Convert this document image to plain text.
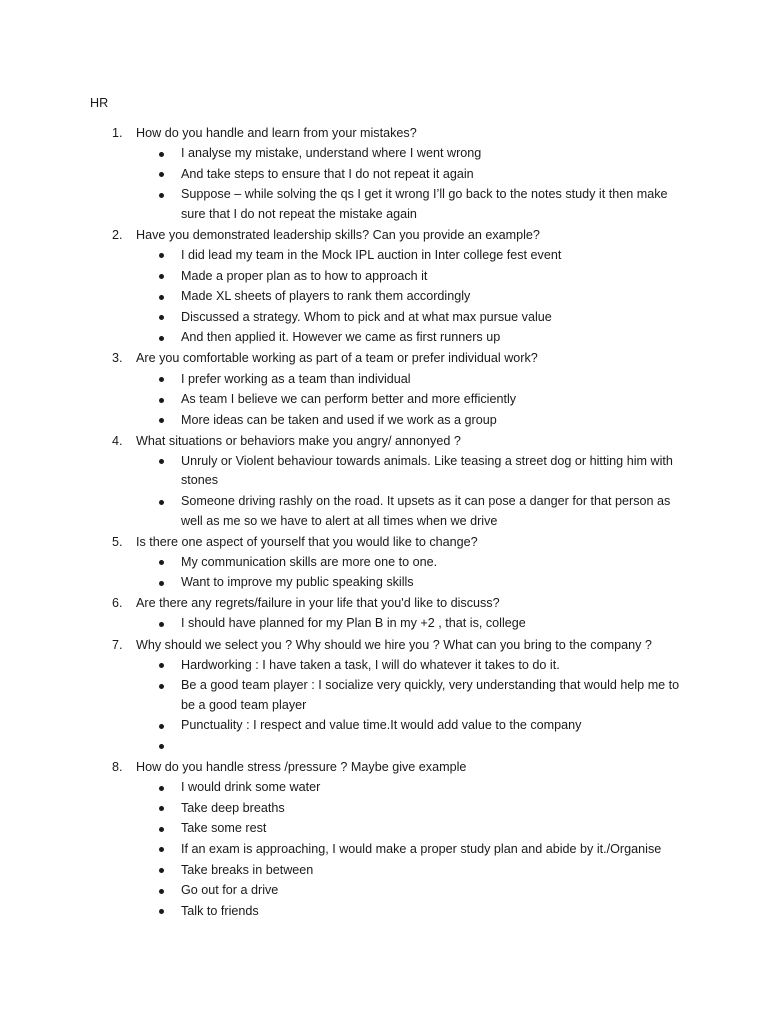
HR

1.	How do you handle and learn from your mistakes?
I analyse my mistake, understand where I went wrong
And take steps to ensure that I do not repeat it again
Suppose – while solving the qs I get it wrong I’ll go back to the notes study it then make sure that I do not repeat the mistake again
2.	Have you demonstrated leadership skills? Can you provide an example?
I did lead my team in the Mock IPL auction in Inter college fest event
Made a proper plan as to how to approach it
Made XL sheets of players to rank them accordingly
Discussed a strategy. Whom to pick and at what max pursue value
And then applied it. However we came as first runners up
3.	Are you comfortable working as part of a team or prefer individual work?
I prefer working as a team than individual
As team I believe we can perform better and more efficiently
More ideas can be taken and used if we work as a group
4.	What situations or behaviors make you angry/ annonyed ?
Unruly or Violent behaviour towards animals. Like teasing a street dog or hitting him with stones
Someone driving rashly on the road. It upsets as it can pose a danger for that person as well as me so we have to alert at all times when we drive
5.	Is there one aspect of yourself that you would like to change?
My communication skills are more one to one.
Want to improve my public speaking skills
6.	Are there any regrets/failure in your life that you'd like to discuss?
I should have planned for my Plan B in my +2 , that is, college
7.	Why should we select you ? Why should we hire you ? What can you bring to the company ?
Hardworking : I have taken a task, I will do whatever it takes to do it.
Be a good team player : I socialize very quickly, very understanding that would help me to be a good team player
Punctuality : I respect and value time.It would add value to the company

8.	How do you handle stress /pressure ? Maybe give example
I would drink some water
Take deep breaths
Take some rest
If an exam is approaching, I would make a proper study plan and abide by it./Organise
Take breaks in between
Go out for a drive
Talk to friends
